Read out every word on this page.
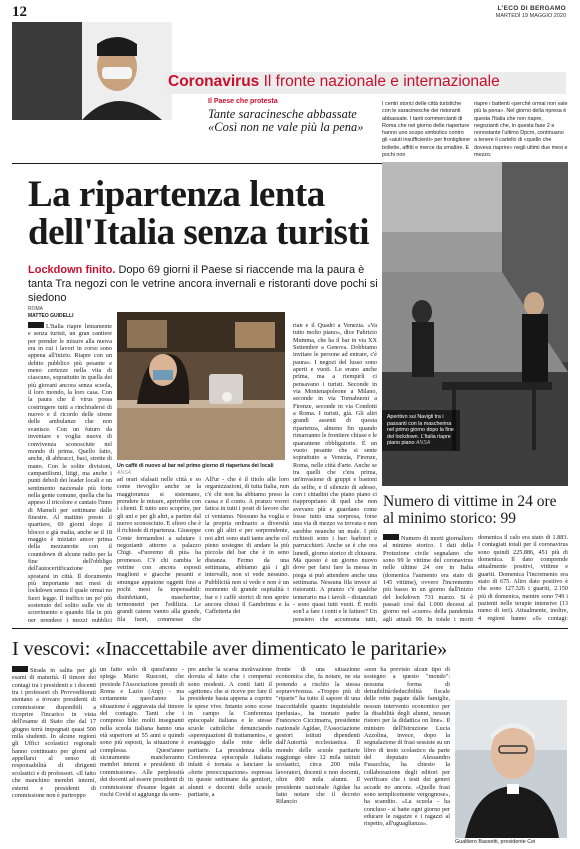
12	L'ECO DI BERGAMO
MARTEDÌ 19 MAGGIO 2020
Coronavirus Il fronte nazionale e internazionale
Il Paese che protesta
Tante saracinesche abbassate «Così non ne vale più la pena»
I centri storici delle città turistiche con le saracinesche dei ristoranti abbassate. I tanti commercianti di Roma che nel giorno delle riaperture hanno uno scopo simbolico contro gli «aiuti insufficienti» per frontiglione bollette, affitti e merce da smaltire. E pochi non
riapre i battenti «perché ormai non vale più la pena». Nel giorno della ripresa è questa l'Italia che non riapre, negozianti che, in questa fase 2 e nonostante l'ultimo Dpcm, continuano a tenere il cartello di «quello che doveva riaprire» negli ultimi due mesi e mezzo.
La ripartenza lenta dell'Italia senza turisti
Lockdown finito. Dopo 69 giorni il Paese si riaccende ma la paura è tanta Tra negozi con le vetrine ancora invernali e ristoranti dove pochi si siedono
ROMA
MATTEO GUIDELLI
L'Italia riapre lentamente e senza turisti, un gran cantiere per prender le misure alla nuova era in cui i lavori in corso sono appena all'inizio. Riapre con un debito pubblico più pesante e meno certezze nella vita di ciascuno, soprattutto in quella dei più giovani ancora senza scuola, il loro mondo, la loro casa. Con la paura che il virus possa costringere tutti a rinchiudersi di nuovo e il ricordo delle sirene delle ambulanze che non svanisce. Con un futuro da inventare e voglia nuove di convivenza sconosciute nel mondo di prima. Quello fatto, anche, di abbracci, baci, strette di mano. Con le solite divisioni, campanilismi, litigi, ma anche i punti deboli dei leader locali e un sentimento nazionale più forte nella gente comune, quella che ha appeso il tricolore e cantato l'inno di Mameli per settimane dalle finestre. Al mattino presto il quartiere, 69 giorni dopo il blocco e già malta, anche se il 18 maggio è iniziato ancor prima della mezzanotte con il countdown di alcune radio per la fine dell'obbligo dell'autocertificazione per spostarsi in città. Il documento più importante nei mesi di lockdown senza il quale ormai no fuori legge. Il traffico un po' più sostenuto del solito sulle vie di scorrimento e quando fila in più per prendere i mezzi pubblici
Un caffè di nuovo al bar nel primo giorno di riapertura dei locali ANSA
ad orari sfalsati nelle città e so come rievoglio anche se la maggioranza si sistemano, prendere le misure, aprirebbe con i clienti. È tutto uno scoprire, per gli uni e per gli altri, a partire dal nuovo sconosciuto. E sfioro che è il richiede di ripartenza. Giuseppe Conte fermandosi a salutare i negozianti attorno a palazzo Chigi. «Fuoremo di più» ha promesso. C'è chi cambia le vetrine con ancora esposti maglioni e giacche pesanti e smungue appaione oggetti fino a pochi mesi fa impensabili: disinfettanti, mascherine, termometri per l'edilizia. Le grandi catene vanno alla grande, fila fuori, commesse che
All'ur - che è il titolo alle loro organizzazioni, di tutta Italia, non c'è chi non ha abbiamo preso la cassa e il conto. A pranzo vorrei fatica in tutti i posti di lavoro che ci veniamo. Nessuno ha voglia e la propria ordinario a diversità con gli altri e per sorprendente, noi altri sono stati tante anche col pieno sostegno di andare la più piccola del bar che è in seno distanza. Fermo da una settimana, abbiamo già i gli intervalli, non si vede nessuno. Pubblicità non si vede e non è un momento di grande ospitalità i bar e i caffè storici di non aprire ancora chiusi il Gambrinus e la Caffetteria dei
rian e il Quadri a Venezia. «Va tutto molto piano», dice Fabrizio Mumma, che ha il bar in via XX Settembre a Genova. Dobbiamo invitare le persone ad entrare, c'è paura». I negozi del lusso sono aperti e vuoti. Lo erano anche prima, ma a riempirli ci pensavano i turisti. Seconde in via Montenapoleone a Milano, seconde in via Tornabuoni a Firenze, seconde in via Condotti a Roma. I turisti, già. Gli altri grandi assenti di questa ripartenza, almeno fin quando rimarranno le frontiere chiuse e le quarantene obbligatorie. È un vuoto pesante che si sente soprattutto a Venezia, Firenze, Roma, nelle città d'arte. Anche se tra quelli che c'era prima, un'invasione di gruppi e bastoni da selfie, e il silenzio di adesso, con i cittadini che piano piano ci riappropriano di quel che non avevano più e guardano come fosse tutto una sorpresa, forse una via di mezzo va trovata e non sarebbe neanche un male. I più richiesti sono i bar: barbieri e parrucchieri. Anche se è che ora lunedì, giorno storico di chiusura. Ma questo è un giorno nuovo dove per farsi fare la messa in piega si può attendere anche una settimana. Nessuna fila invece ai ristoranti. A pranzo c'è qualche temerario ma i tavoli - distanziati - sono quasi tutti vuoti. È molti son'l a fare i conti e le fatture? Un pensiero che accumuna tutti,
Aperitivo sui Navigli tra i passanti con la mascherina nel primo giorno dopo la fine del lockdown. L'Italia riapre piano piano ANSA
Numero di vittime in 24 ore al minimo storico: 99
Numero di morti giornaliero al minimo storico. I dati della Protezione civile segnalano che sono 99 le vittime del coronavirus nelle ultime 24 ore in Italia (domenica l'aumento era stato di 145 vittime), ovvero l'incremento più basso in un giorno dall'inizio del lockdown 731 marzo. Si è passati così dal 1.000 decessi al giorno nel «cuore» della pandemia agli attuali 99. In totale i morti
domenica il calo era stato di 1.883. I contagiati totali per il coronavirus sono quindi 225.886, 451 più di domenica. Il dato comprende attualmente positivi, vittime e guariti. Domenica l'incremento era stato di 675. Altro dato positivo è che sono 127.326 i guariti, 2.150 più di domenica, mentre sono 749 i pazienti nelle terapie intensive (13 meno di ieri). Attualmente, inoltre, 4 regioni hanno «0» contagi:
I vescovi: «Inaccettabile aver dimenticato le paritarie»
Strada in salita per gli esami di maturità. Il timore dei contagi tra i presidenti e i docenti tra i professori ch Provveditorati stentano a trovare presidenti di commissione disponibili a ricoprire l'incarico in vista dell'esame di Stato che dal 17 giugno terrà impegnati quasi 500 mila studenti. In alcune regioni gli Uffici scolastici regionali hanno continuato per giorni ad appellarsi al senso di responsabilità di dirigenti scolastici e di professori. «Il fatto che manchino membri interni, esterni e presidenti di commissione non è purtroppo
un fatto solo di quest'anno - spiega Mario Rusconi, che presiede l'Associazione presidi di Roma e Lazio (Anp) - ma certamente quest'anno la situazione è aggravata dal timore del contagio. Tanti che i compreso bile: molti insegnanti nella scuola italiana hanno una età superiore ai 55 anni e quindi sono più esposti, la situazione è complessa. Quest'anno sicuramente mancheranno membri interni e presidenti di commissione». Alle perplessità dei docenti ad essere presidenti di commissione d'esame legate ai rischi Covid si aggiunge da sem-
pre anche la scarsa motivazione dovuta al fatto che i compensi sono modesti. A conti fatti il «gettone» che si riceve per fare il presidente basta appena a coprire le spese vive. Intanto sono scese in campo la Conferenza episcopale italiana e le stesse scuole cattoliche denunciando «sperequazioni di trattamento», e svantaggio dalle rette delle paritarie. La presidenza della Conferenza episcopale italiana infatti è tornata a lanciare la «forte preoccupazione» espressa in queste settimane da genitori, alunni e docenti delle scuole paritarie, a
fronte di una situazione economica che, fa notare, ne sta ponendo a rischio la stessa sopravvivenza. «Troppo più di "riparte" ha tutto il sapore di una inaccettabile quanto inquietabile iperlusia», ha tuonato padre Francesco Ciccimarra, presidente nazionale Agidae, l'Associazione gestori istituti dipendenti dall'Autorità ecclesiastica. Il mondo delle scuole paritarie raggiunge oltre 12 mila istituti scolastici, circa 200 mila lavoratori, docenti e non docenti, oltre 800 mila alunni. Il presidente nazionale Agidae ha fatto notare che il decreto Rilancio
«non ha previsto alcun tipo di sostegno a questo "mondo": nessuna forma di detraibilità/deducibilità fiscale delle rette pagate dalle famiglie, nessun intervento economico per la disabilità degli alunni, nessun ristoro per la didattica on line». Il ministro dell'Istruzione Lucia Azzolina, invece, dopo la segnalazione di frasi sessiste su un libro di testo scolastico da parte del deputato Alessandro Fusacchia, ha chiesto la collaborazione degli editori per verificare che i testi dei generi accade no ancora. «Quelle frasi sono semplicemente vergognose», ha scandito. «La scuola - ha concluso - si batte ogni giorno per educare le ragazze e i ragazzi al rispetto, all'uguaglianza».
Gualtiero Bassetti, presidente Cei
